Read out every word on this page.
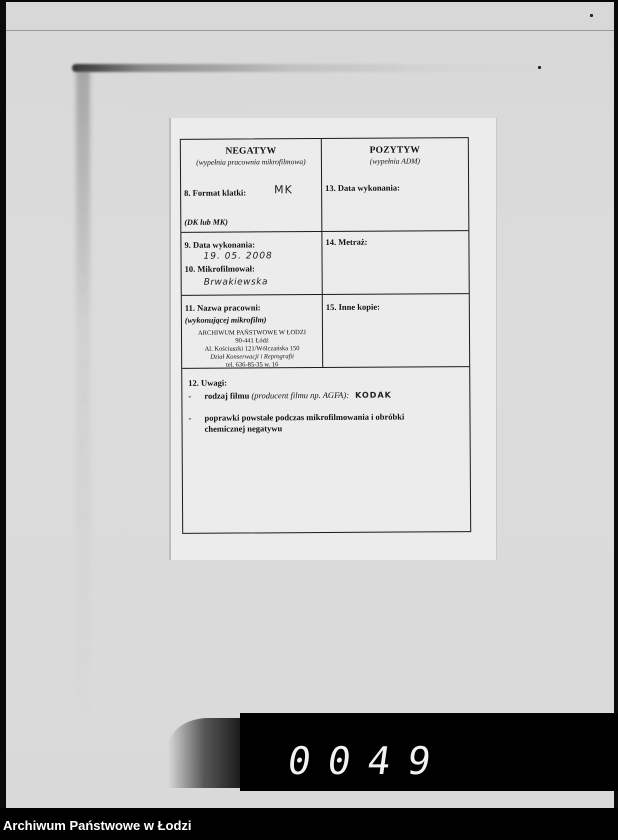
NEGATYW
(wypełnia pracownia mikrofilmowa)
8. Format klatki:	MK
(DK lub MK)
POZYTYW
(wypełnia ADM)
13. Data wykonania:
9. Data wykonania:
19. 05. 2008
10. Mikrofilmował:
Brwakiewska
14. Metraż:
11. Nazwa pracowni:
(wykonującej mikrofilm)
ARCHIWUM PAŃSTWOWE W ŁODZI
90-441 Łódź
Al. Kościuszki 121/Wólczańska 150
Dział Konserwacji i Reprografii
tel. 636-85-35 w. 16
15. Inne kopie:
12. Uwagi:
- rodzaj filmu (producent filmu np. AGFA): KODAK
- poprawki powstałe podczas mikrofilmowania i obróbki
chemicznej negatywu
0049
Archiwum Państwowe w Łodzi
